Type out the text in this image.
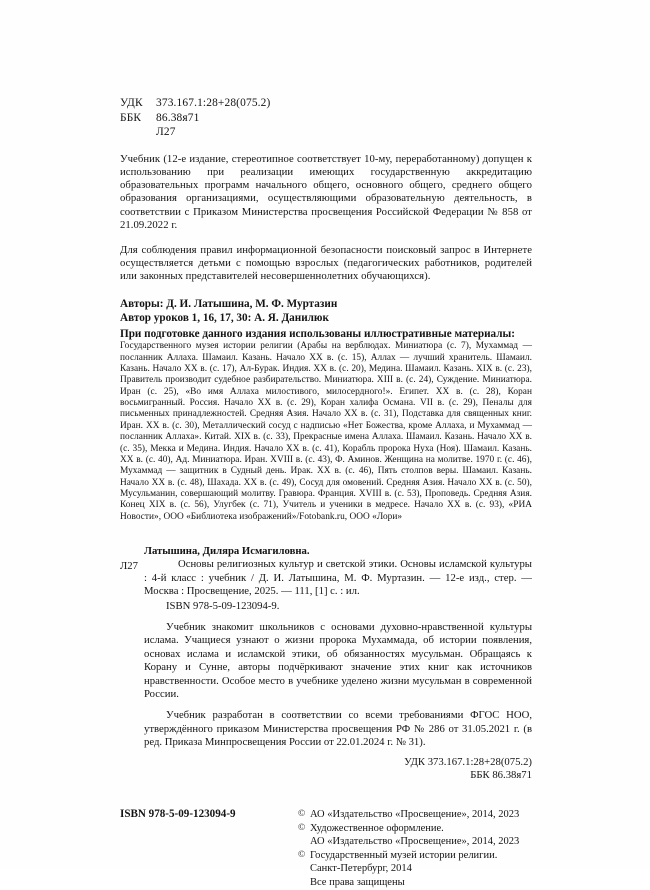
УДК 373.167.1:28+28(075.2)
ББК 86.38я71
Л27

Учебник (12-е издание, стереотипное соответствует 10-му, переработанному) допущен к использованию при реализации имеющих государственную аккредитацию образовательных программ начального общего, основного общего, среднего общего образования организациями, осуществляющими образовательную деятельность, в соответствии с Приказом Министерства просвещения Российской Федерации № 858 от 21.09.2022 г.

Для соблюдения правил информационной безопасности поисковый запрос в Интернете осуществляется детьми с помощью взрослых (педагогических работников, родителей или законных представителей несовершеннолетних обучающихся).

Авторы: Д. И. Латышина, М. Ф. Муртазин
Автор уроков 1, 16, 17, 30: А. Я. Данилюк
При подготовке данного издания использованы иллюстративные материалы:

Государственного музея истории религии (Арабы на верблюдах. Миниатюра (с. 7), Мухаммад — посланник Аллаха. Шамаил. Казань. Начало XX в. (с. 15), Аллах — лучший хранитель. Шамаил. Казань. Начало XX в. (с. 17), Ал-Бурак. Индия. XX в. (с. 20), Медина. Шамаил. Казань. XIX в. (с. 23), Правитель производит судебное разбирательство. Миниатюра. XIII в. (с. 24), Суждение. Миниатюра. Иран (с. 25), «Во имя Аллаха милостивого, милосердного!». Египет. XX в. (с. 28), Коран восьмигранный. Россия. Начало XX в. (с. 29), Коран халифа Османа. VII в. (с. 29), Пеналы для письменных принадлежностей. Средняя Азия. Начало XX в. (с. 31), Подставка для священных книг. Иран. XX в. (с. 30), Металлический сосуд с надписью «Нет Божества, кроме Аллаха, и Мухаммад — посланник Аллаха». Китай. XIX в. (с. 33), Прекрасные имена Аллаха. Шамаил. Казань. Начало XX в. (с. 35), Мекка и Медина. Индия. Начало XX в. (с. 41), Корабль пророка Нуха (Ноя). Шамаил. Казань. XX в. (с. 40), Ад. Миниатюра. Иран. XVIII в. (с. 43), Ф. Аминов. Женщина на молитве. 1970 г. (с. 46), Мухаммад — защитник в Судный день. Ирак. XX в. (с. 46), Пять столпов веры. Шамаил. Казань. Начало XX в. (с. 48), Шахада. XX в. (с. 49), Сосуд для омовений. Средняя Азия. Начало XX в. (с. 50), Мусульманин, совершающий молитву. Гравюра. Франция. XVIII в. (с. 53), Проповедь. Средняя Азия. Конец XIX в. (с. 56), Улугбек (с. 71), Учитель и ученики в медресе. Начало XX в. (с. 93), «РИА Новости», ООО «Библиотека изображений»/Fotobank.ru, ООО «Лори»

Л27
Латышина, Диляра Исмагиловна.
Основы религиозных культур и светской этики. Основы исламской культуры : 4-й класс : учебник / Д. И. Латышина, М. Ф. Муртазин. — 12-е изд., стер. — Москва : Просвещение, 2025. — 111, [1] с. : ил.
ISBN 978-5-09-123094-9.
Учебник знакомит школьников с основами духовно-нравственной культуры ислама. Учащиеся узнают о жизни пророка Мухаммада, об истории появления, основах ислама и исламской этики, об обязанностях мусульман. Обращаясь к Корану и Сунне, авторы подчёркивают значение этих книг как источников нравственности. Особое место в учебнике уделено жизни мусульман в современной России.
Учебник разработан в соответствии со всеми требованиями ФГОС НОО, утверждённого приказом Министерства просвещения РФ № 286 от 31.05.2021 г. (в ред. Приказа Минпросвещения России от 22.01.2024 г. № 31).
УДК 373.167.1:28+28(075.2)
ББК 86.38я71
ISBN 978-5-09-123094-9	© АО «Издательство «Просвещение», 2014, 2023
© Художественное оформление.
АО «Издательство «Просвещение», 2014, 2023
© Государственный музей истории религии.
Санкт-Петербург, 2014
Все права защищены
